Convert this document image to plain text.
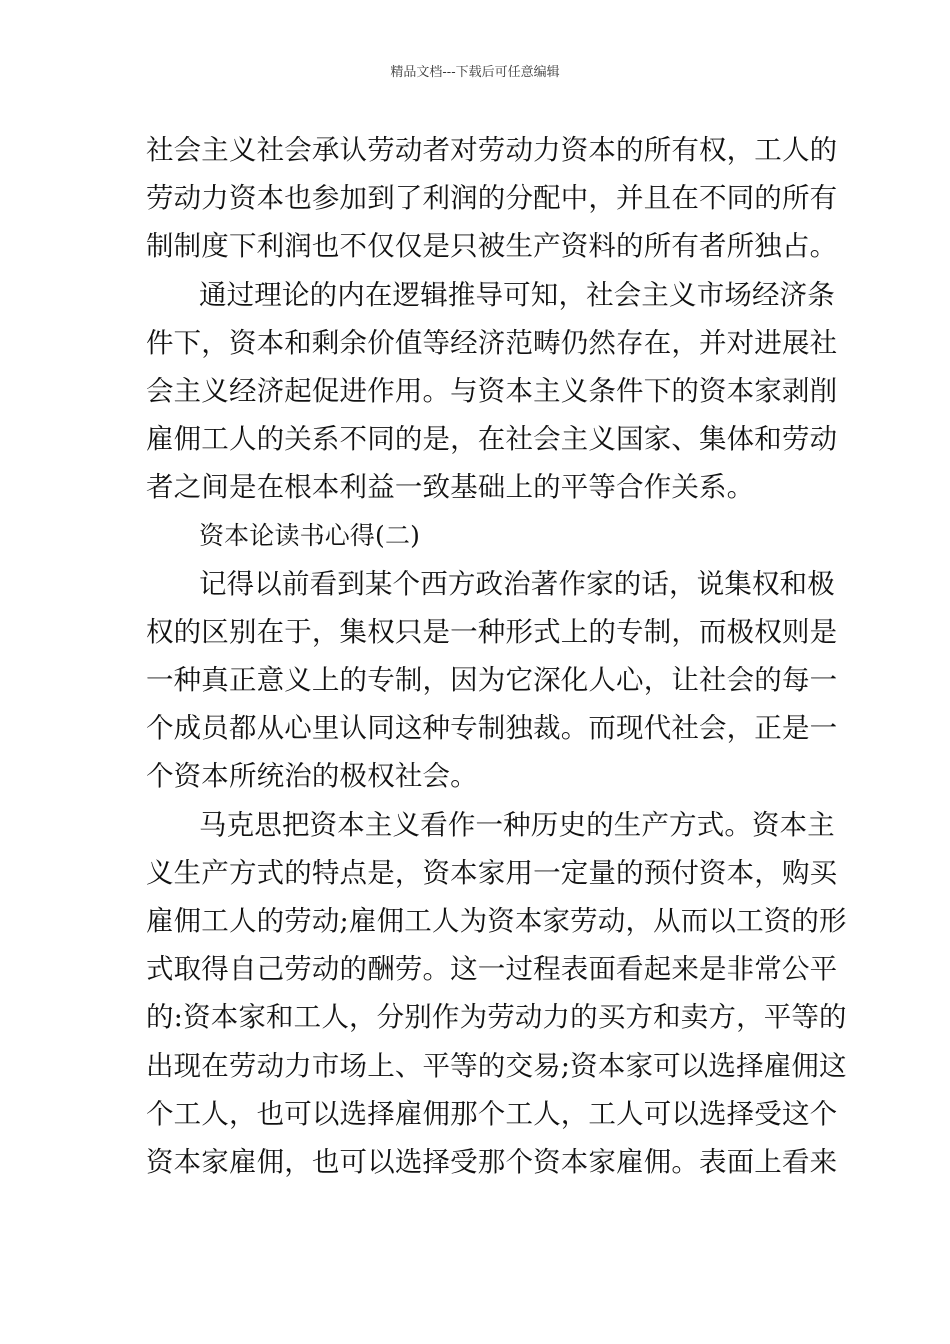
精品文档---下载后可任意编辑
社会主义社会承认劳动者对劳动力资本的所有权，工人的
劳动力资本也参加到了利润的分配中，并且在不同的所有
制制度下利润也不仅仅是只被生产资料的所有者所独占。
通过理论的内在逻辑推导可知，社会主义市场经济条
件下，资本和剩余价值等经济范畴仍然存在，并对进展社
会主义经济起促进作用。与资本主义条件下的资本家剥削
雇佣工人的关系不同的是，在社会主义国家、集体和劳动
者之间是在根本利益一致基础上的平等合作关系。
资本论读书心得(二)
记得以前看到某个西方政治著作家的话，说集权和极
权的区别在于，集权只是一种形式上的专制，而极权则是
一种真正意义上的专制，因为它深化人心，让社会的每一
个成员都从心里认同这种专制独裁。而现代社会，正是一
个资本所统治的极权社会。
马克思把资本主义看作一种历史的生产方式。资本主
义生产方式的特点是，资本家用一定量的预付资本，购买
雇佣工人的劳动;雇佣工人为资本家劳动，从而以工资的形
式取得自己劳动的酬劳。这一过程表面看起来是非常公平
的:资本家和工人，分别作为劳动力的买方和卖方，平等的
出现在劳动力市场上、平等的交易;资本家可以选择雇佣这
个工人，也可以选择雇佣那个工人，工人可以选择受这个
资本家雇佣，也可以选择受那个资本家雇佣。表面上看来
